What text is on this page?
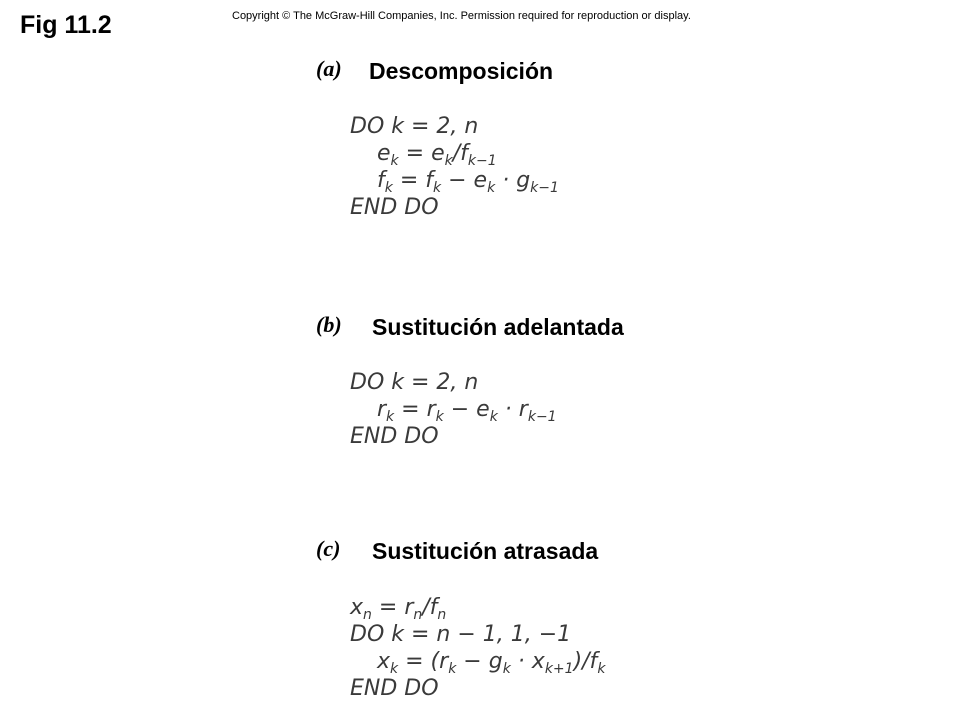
Fig 11.2	Copyright © The McGraw-Hill Companies, Inc. Permission required for reproduction or display.
(a) Descomposición
DO k = 2, n
$e_k = e_k/f_{k-1}$
$f_k = f_k - e_k \cdot g_{k-1}$
END DO
(b) Sustitución adelantada
DO k = 2, n
$r_k = r_k - e_k \cdot r_{k-1}$
END DO
(c) Sustitución atrasada
$x_n = r_n/f_n$
DO k = n − 1, 1, −1
$x_k = (r_k - g_k \cdot x_{k+1})/f_k$
END DO
